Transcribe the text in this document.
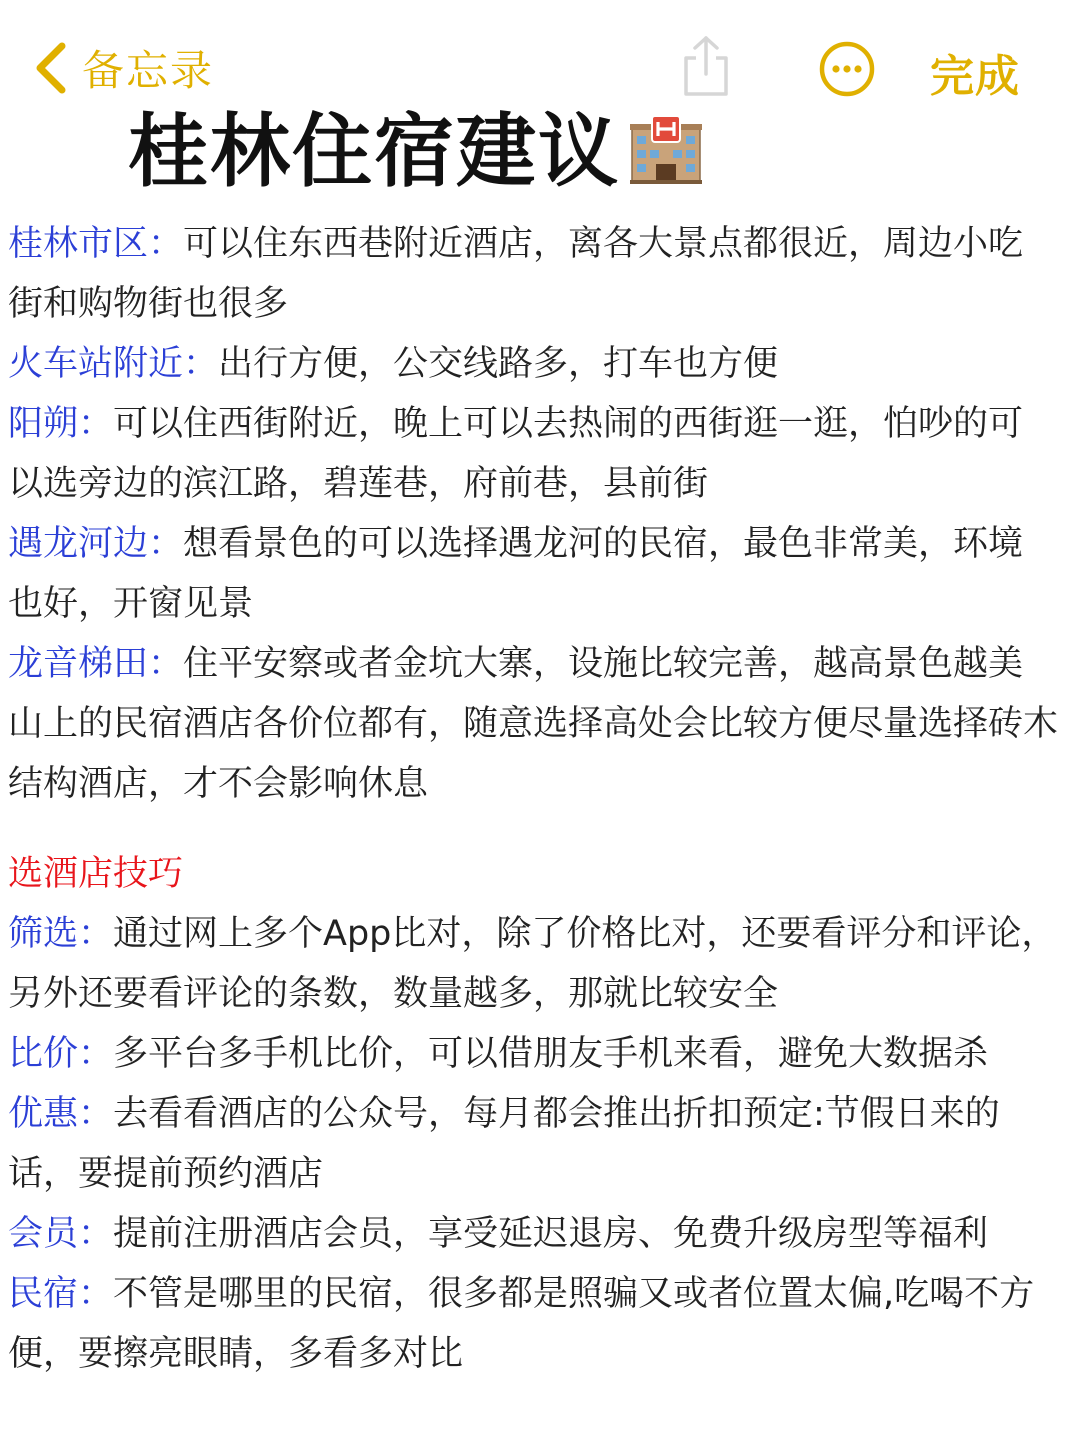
备忘录	完成
桂林住宿建议

桂林市区：可以住东西巷附近酒店，离各大景点都很近，周边小吃街和购物街也很多

火车站附近：出行方便，公交线路多，打车也方便

阳朔：可以住西街附近，晚上可以去热闹的西街逛一逛，怕吵的可以选旁边的滨江路，碧莲巷，府前巷，县前街

遇龙河边：想看景色的可以选择遇龙河的民宿，最色非常美，环境也好，开窗见景

龙音梯田：住平安察或者金坑大寨，设施比较完善，越高景色越美山上的民宿酒店各价位都有，随意选择高处会比较方便尽量选择砖木结构酒店，才不会影响休息

选酒店技巧

筛选：通过网上多个App比对，除了价格比对，还要看评分和评论，另外还要看评论的条数，数量越多，那就比较安全

比价：多平台多手机比价，可以借朋友手机来看，避免大数据杀

优惠：去看看酒店的公众号，每月都会推出折扣预定:节假日来的话，要提前预约酒店

会员：提前注册酒店会员，享受延迟退房、免费升级房型等福利

民宿：不管是哪里的民宿，很多都是照骗又或者位置太偏,吃喝不方便，要擦亮眼睛，多看多对比
